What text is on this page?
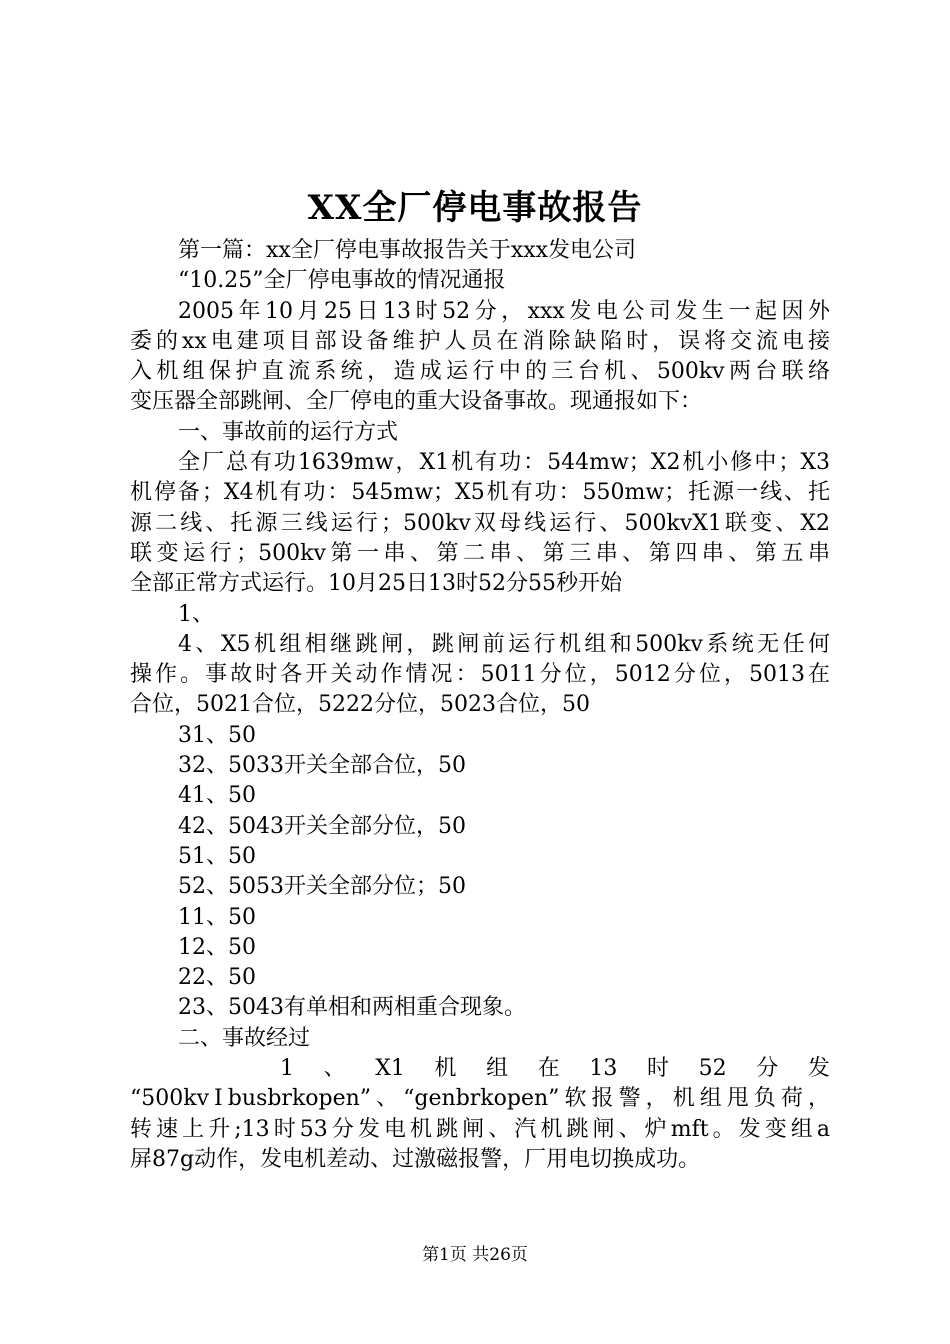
XX全厂停电事故报告
第一篇：xx全厂停电事故报告关于xxx发电公司
“10.25”全厂停电事故的情况通报
2005年10月25日13时52分，xxx发电公司发生一起因外
委的xx电建项目部设备维护人员在消除缺陷时，误将交流电接
入机组保护直流系统，造成运行中的三台机、500kv两台联络
变压器全部跳闸、全厂停电的重大设备事故。现通报如下：
一、事故前的运行方式
全厂总有功1639mw，X1机有功：544mw；X2机小修中；X3
机停备；X4机有功：545mw；X5机有功：550mw；托源一线、托
源二线、托源三线运行；500kv双母线运行、500kvX1联变、X2
联变运行；500kv第一串、第二串、第三串、第四串、第五串
全部正常方式运行。10月25日13时52分55秒开始
1、
4、X5机组相继跳闸，跳闸前运行机组和500kv系统无任何
操作。事故时各开关动作情况：5011分位，5012分位，5013在
合位，5021合位，5222分位，5023合位，50
31、50
32、5033开关全部合位，50
41、50
42、5043开关全部分位，50
51、50
52、5053开关全部分位；50
11、50
12、50
22、50
23、5043有单相和两相重合现象。
二、事故经过
1 、 X1 机 组 在 13 时 52 分 发
“500kvⅠbusbrkopen”、“genbrkopen”软报警，机组甩负荷，
转速上升;13时53分发电机跳闸、汽机跳闸、炉mft。发变组a
屏87g动作，发电机差动、过激磁报警，厂用电切换成功。
第1页 共26页
